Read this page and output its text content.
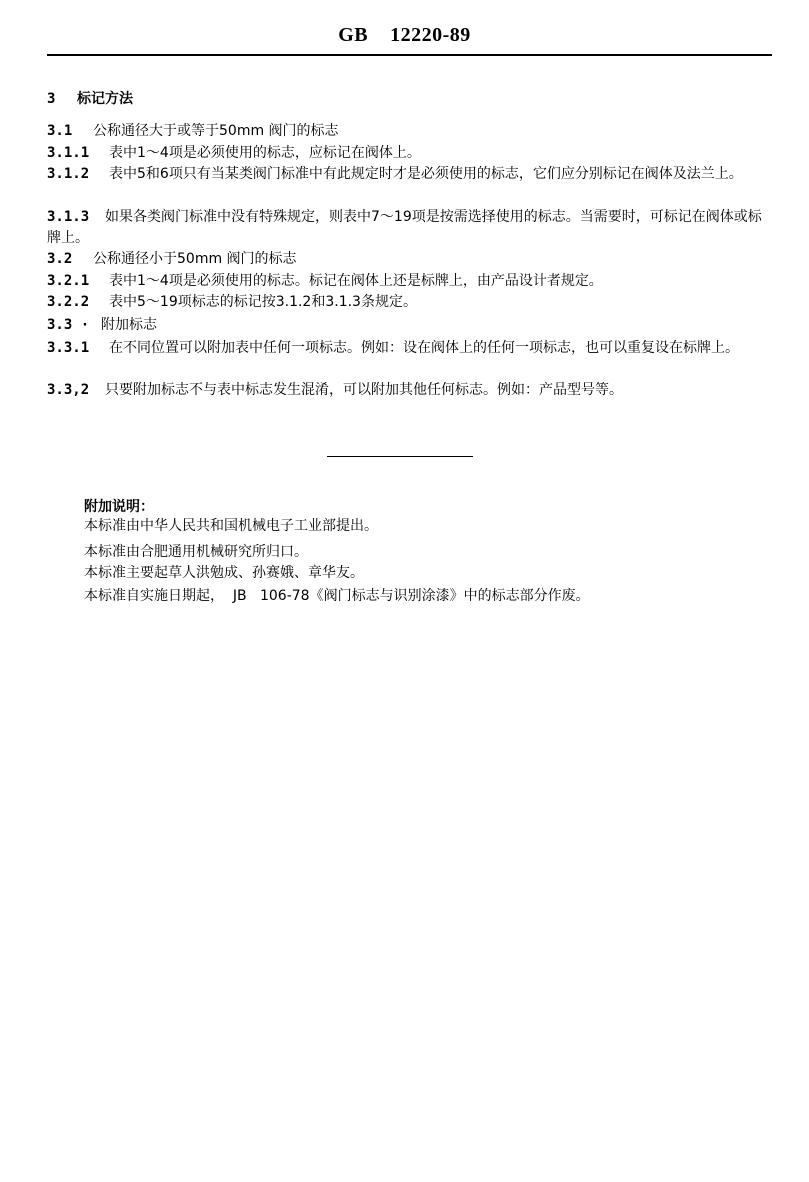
GB 12220-89
3 标记方法
3.1 公称通径大于或等于50mm 阀门的标志
3.1.1 表中1～4项是必须使用的标志，应标记在阀体上。
3.1.2 表中5和6项只有当某类阀门标准中有此规定时才是必须使用的标志，它们应分别标记在阀体及法兰上。
3.1.3 如果各类阀门标准中没有特殊规定，则表中7～19项是按需选择使用的标志。当需要时，可标记在阀体或标牌上。
3.2 公称通径小于50mm 阀门的标志
3.2.1 表中1～4项是必须使用的标志。标记在阀体上还是标牌上，由产品设计者规定。
3.2.2 表中5～19项标志的标记按3.1.2和3.1.3条规定。
3.3 · 附加标志
3.3.1 在不同位置可以附加表中任何一项标志。例如：设在阀体上的任何一项标志，也可以重复设在标牌上。
3.3,2 只要附加标志不与表中标志发生混淆，可以附加其他任何标志。例如：产品型号等。
附加说明：
本标准由中华人民共和国机械电子工业部提出。
本标准由合肥通用机械研究所归口。
本标准主要起草人洪勉成、孙赛娥、章华友。
本标准自实施日期起，  JB   106-78《阀门标志与识别涂漆》中的标志部分作废。
